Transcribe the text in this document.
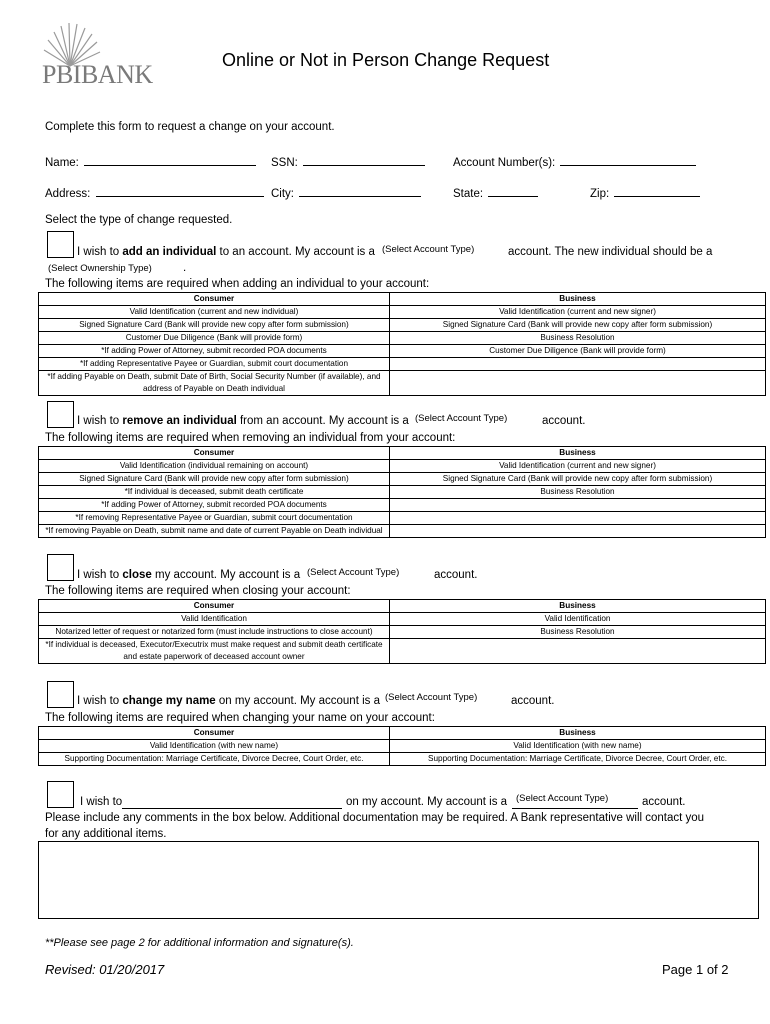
PBIBANK	Online or Not in Person Change Request
Complete this form to request a change on your account.
Name:	SSN:	Account Number(s):
Address:	City:	State:	Zip:
Select the type of change requested.
I wish to add an individual to an account. My account is a (Select Account Type)	account. The new individual should be a
(Select Ownership Type)	.
The following items are required when adding an individual to your account:
Consumer	Business
Valid Identification (current and new individual)	Valid Identification (current and new signer)
Signed Signature Card (Bank will provide new copy after form submission)	Signed Signature Card (Bank will provide new copy after form submission)
Customer Due Diligence (Bank will provide form)	Business Resolution
*If adding Power of Attorney, submit recorded POA documents	Customer Due Diligence (Bank will provide form)
*If adding Representative Payee or Guardian, submit court documentation	
*If adding Payable on Death, submit Date of Birth, Social Security Number (if available), and address of Payable on Death individual	
I wish to remove an individual from an account. My account is a (Select Account Type)	account.
The following items are required when removing an individual from your account:
Consumer	Business
Valid Identification (individual remaining on account)	Valid Identification (current and new signer)
Signed Signature Card (Bank will provide new copy after form submission)	Signed Signature Card (Bank will provide new copy after form submission)
*If individual is deceased, submit death certificate	Business Resolution
*If adding Power of Attorney, submit recorded POA documents	
*If removing Representative Payee or Guardian, submit court documentation	
*If removing Payable on Death, submit name and date of current Payable on Death individual	
I wish to close my account. My account is a (Select Account Type)	account.
The following items are required when closing your account:
Consumer	Business
Valid Identification	Valid Identification
Notarized letter of request or notarized form (must include instructions to close account)	Business Resolution
*If individual is deceased, Executor/Executrix must make request and submit death certificate and estate paperwork of deceased account owner	
I wish to change my name on my account. My account is a (Select Account Type)	account.
The following items are required when changing your name on your account:
Consumer	Business
Valid Identification (with new name)	Valid Identification (with new name)
Supporting Documentation: Marriage Certificate, Divorce Decree, Court Order, etc.	Supporting Documentation: Marriage Certificate, Divorce Decree, Court Order, etc.
I wish to	on my account. My account is a (Select Account Type)	account.
Please include any comments in the box below. Additional documentation may be required. A Bank representative will contact you
for any additional items.
**Please see page 2 for additional information and signature(s).
Revised: 01/20/2017	Page 1 of 2
